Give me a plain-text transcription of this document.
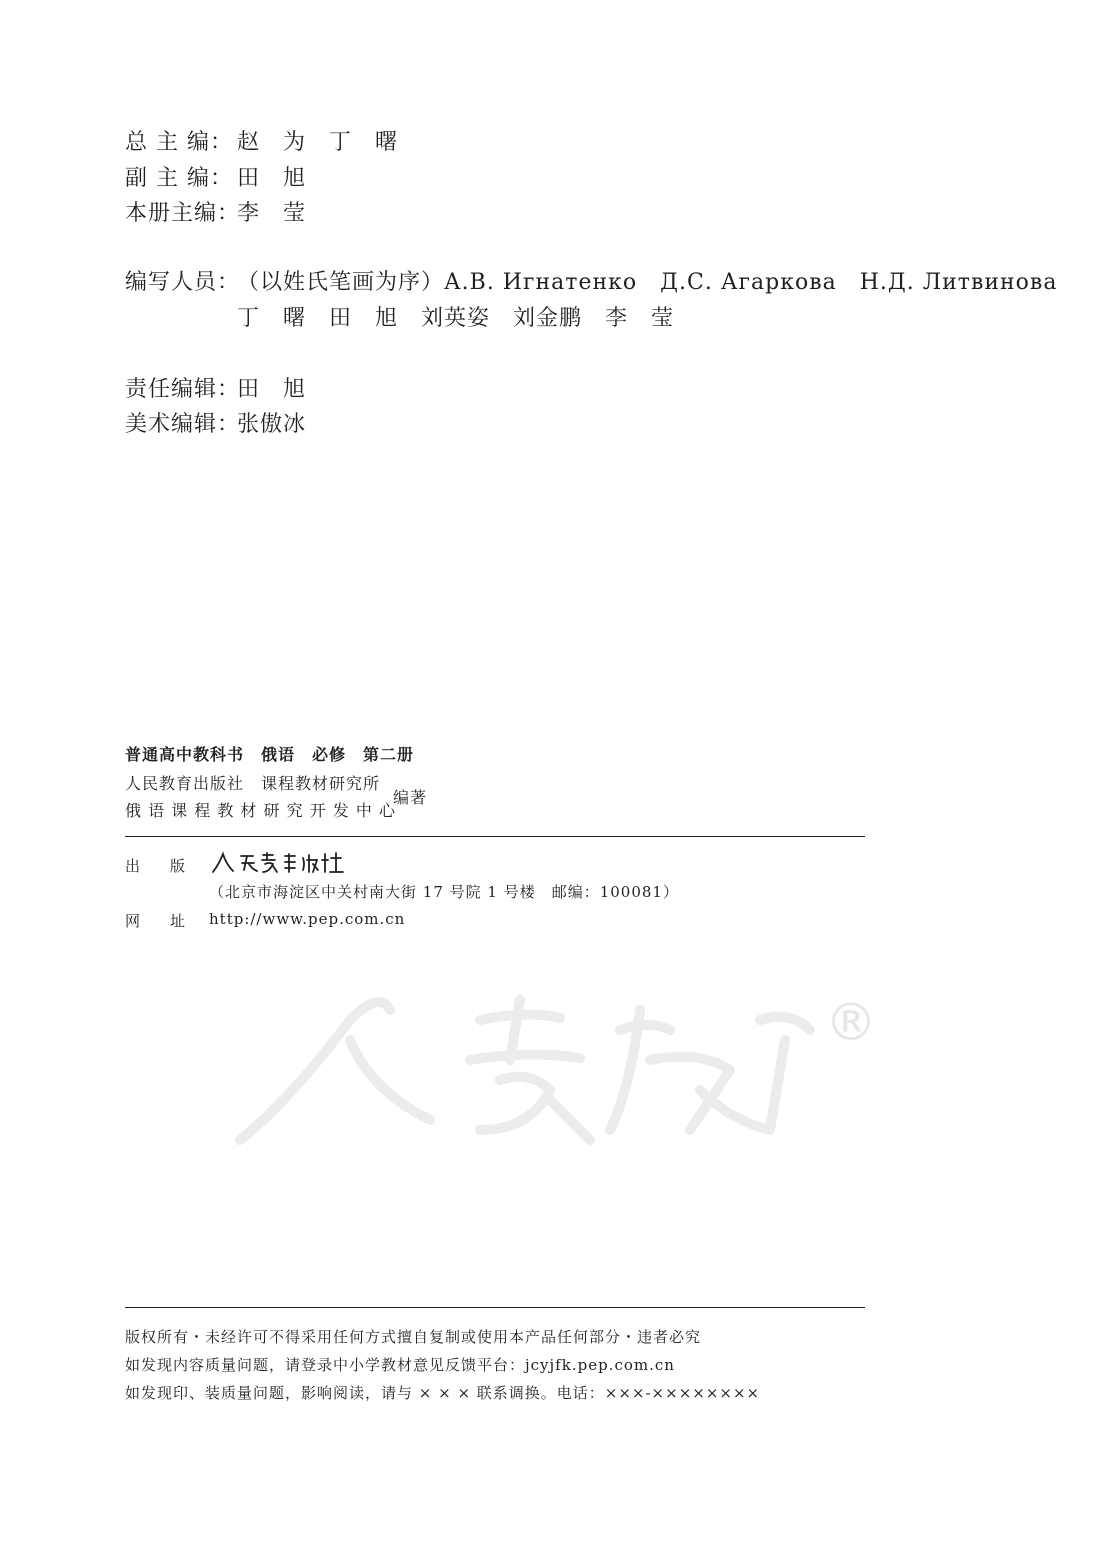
总 主 编： 赵　为　丁　曙
副 主 编： 田　旭
本册主编：李　莹
编写人员：（以姓氏笔画为序）А.В. Игнатенко　Д.С. Агаркова　Н.Д. Литвинова
丁　曙　田　旭　刘英姿　刘金鹏　李　莹
责任编辑：田　旭
美术编辑：张傲冰
普通高中教科书　俄语　必修　第二册
人民教育出版社　课程教材研究所
俄 语 课 程 教 材 研 究 开 发 中 心
编著
出版
人民教育出版社
（北京市海淀区中关村南大街 17 号院 1 号楼　邮编：100081）
网址
http://www.pep.com.cn
®
人教版
版权所有・未经许可不得采用任何方式擅自复制或使用本产品任何部分・违者必究
如发现内容质量问题，请登录中小学教材意见反馈平台：jcyjfk.pep.com.cn
如发现印、装质量问题，影响阅读，请与 × × × 联系调换。电话：×××-××××××××
